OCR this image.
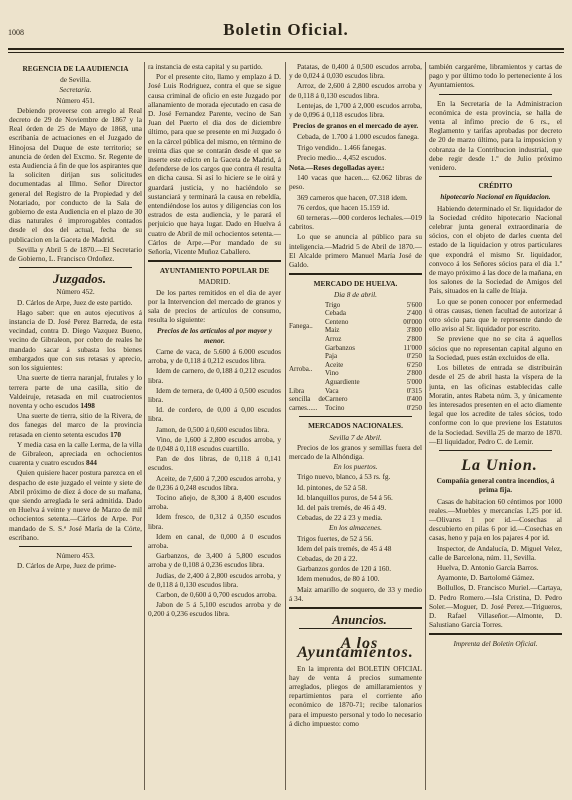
1008	Boletin Oficial.

REGENCIA DE LA AUDIENCIA

de Sevilla.

Secretaría.

Número 451.

Debiendo proveerse con arreglo al Real decreto de 29 de Noviembre de 1867 y la Real órden de 25 de Mayo de 1868, una escribanía de actuaciones en el Juzgado de Hinojosa del Duque de este territorio; se anuncia de órden del Excmo. Sr. Regente de esta Audiencia á fin de que los aspirantes que la soliciten dirijan sus solicitudes documentadas al Illmo. Señor Director general del Registro de la Propiedad y del Notariado, por conducto de la Sala de gobierno de esta Audiencia en el plazo de 30 dias naturales é improrogables contados desde el dos del actual, fecha de su publicacion en la Gaceta de Madrid.

Sevilla y Abril 5 de 1870.—El Secretario de Gobierno, L. Francisco Ordoñez.

Juzgados.

Número 452.

D. Cárlos de Arpe, Juez de este partido.

Hago saber: que en autos ejecutivos á instancia de D. José Perez Barreda, de esta vecindad, contra D. Diego Vazquez Bueno, vecino de Gibraleon, por cobro de reales he mandado sacar á subasta los bienes embargados que con sus retasas y aprecio, son los siguientes:

Una suerte de tierra naranjal, frutales y lo terrera parte de una casilla, sitio de Valdeiruje, retasada en mil cuatrocientos noventa y ocho escudos 1498

Una suerte de tierra, sitio de la Rivera, de dos fanegas del marco de la provincia retasada en ciento setenta escudos 170

Y media casa en la calle Lerma, de la villa de Gibraleon, apreciada en ochocientos cuarenta y cuatro escudos 844

Quien quisiere hacer postura parezca en el despacho de este juzgado el veinte y siete de Abril próximo de diez á doce de su mañana, que siendo arreglada le será admitida. Dado en Huelva á veinte y nueve de Marzo de mil ochocientos setenta.—Cárlos de Arpe. Por mandado de S. S.ª José María de la Córte, escribano.

Número 453.

D. Cárlos de Arpe, Juez de prime-

ra instancia de esta capital y su partido.

Por el presente cito, llamo y emplazo á D. José Luis Rodriguez, contra el que se sigue causa criminal de oficio en este Juzgado por allanamiento de morada ejecutado en casa de D. José Fernandez Parente, vecino de San Juan del Puerto el dia dos de diciembre último, para que se presente en mi Juzgado ó en la cárcel pública del mismo, en término de treinta dias que se contarán desde el que se inserte este edicto en la Gaceta de Madrid, á defenderse de los cargos que contra él resulta en dicha causa. Si así lo hiciere se le oirá y guardará justicia, y no haciéndolo se sustanciará y terminará la causa en rebeldía, entendiéndose los autos y diligencias con los estrados de esta audiencia, y le parará el perjuicio que haya lugar. Dado en Huelva á cuatro de Abril de mil ochocientos setenta.—Cárlos de Arpe.—Por mandado de su Señoría, Vicente Muñoz Caballero.

AYUNTAMIENTO POPULAR DE

MADRID.

De los partes remitidos en el dia de ayer por la Intervencion del mercado de granos y sala de precios de artículos de consumo, resulta lo siguiente:

Precios de los artículos al por mayor y menor.

Carne de vaca, de 5.600 á 6.000 escudos arroba, y de 0,118 á 0,212 escudos libra.

Idem de carnero, de 0,188 á 0,212 escudos libra.

Idem de ternera, de 0,400 á 0,500 escudos libra.

Id. de cordero, de 0,00 á 0,00 escudos libra.

Jamon, de 0,500 á 0,600 escudos libra.

Vino, de 1,600 á 2,800 escudos arroba, y de 0,048 á 0,118 escudos cuartillo.

Pan de dos libras, de 0,118 á 0,141 escudos.

Aceite, de 7,600 á 7,200 escudos arroba, y de 0,236 á 0,248 escudos libra.

Tocino añejo, de 8,300 á 8,400 escudos arroba.

Idem fresco, de 0,312 á 0,350 escudos libra.

Idem en canal, de 0,000 á 0 escudos arroba.

Garbanzos, de 3,400 á 5,800 escudos arroba y de 0,108 á 0,236 escudos libra.

Judías, de 2,400 á 2,800 escudos arroba, y de 0,118 á 0,130 escudos libra.

Carbon, de 0,600 á 0,700 escudos arroba.

Jabon de 5 á 5,100 escudos arroba y de 0,200 á 0,236 escudos libra.

Patatas, de 0,400 á 0,500 escudos arroba, y de 0,024 á 0,030 escudos libra.

Arroz, de 2,600 á 2,800 escudos arroba y de 0,118 á 0,130 escudos libra.

Lentejas, de 1,700 á 2,000 escudos arroba, y de 0,096 á 0,118 escudos libra.

Precios de granos en el mercado de ayer.

Cebada, de 1.700 á 1.000 escudos fanega.

Trigo vendido.. 1.466 fanegas.

Precio medio... 4,452 escudos.

Nota.—Reses degolladas ayer.:

140 vacas que hacen.... 62.062 libras de peso.

369 carneros que hacen, 07.318 idem.

76 cerdos, que hacen 15.159 id.

60 terneras.—000 corderos lechales.—019 cabritos.

Lo que se anuncia al público para su inteligencia.—Madrid 5 de Abril de 1870.—El Alcalde primero Manuel María José de Galdo.

MERCADO DE HUELVA.

Dia 8 de abril.

Fanega..	Trigo	5'600
	Cebada	2'400
	Centeno	00'000
	Maiz	3'800
	Arroz	2'800
	Garbanzos	11'000
Arroba..	Paja	0'250
	Aceite	6'250
	Vino	2'800
	Aguardiente	5'000
Libra sencilla de carnes......	Vaca	0'315
	Carnero	0'400
	Tocino	0'250

MERCADOS NACIONALES.

Sevilla 7 de Abril.

Precios de los granos y semillas fuera del mercado de la Alhóndiga.

En los puertos.

Trigo nuevo, blanco, á 53 rs. fg.

Id. pintones, de 52 á 58.

Id. blanquillos puros, de 54 á 56.

Id. del país tremés, de 46 á 49.

Cebadas, de 22 á 23 y media.

En los almacenes.

Trigos fuertes, de 52 á 56.

Idem del país tremés, de 45 á 48

Cebadas, de 20 á 22.

Garbanzos gordos de 120 á 160.

Idem menudos, de 80 á 100.

Maiz amarillo de soquero, de 33 y medio á 34.

Anuncios.

A los Ayuntamientos.

En la imprenta del BOLETIN OFICIAL hay de venta á precios sumamente arreglados, pliegos de amillaramientos y repartimientos para el corriente año económico de 1870-71; recibe talonarios para el impuesto personal y todo lo necesario á dicho impuesto: como

también cargaréme, libramientos y cartas de pago y por último todo lo perteneciente á los Ayuntamientos.

En la Secretaría de la Administracion económica de esta provincia, se halla de venta al ínfimo precio de 6 rs., el Reglamento y tarifas aprobadas por decreto de 20 de marzo último, para la imposicion y cobranza de la Contribucion industrial, que debe regir desde 1.º de Julio próximo venidero.

CRÉDITO

hipotecario Nacional en liquidacion.

Habiendo determinado el Sr. liquidador de la Sociedad crédito hipotecario Nacional celebrar junta general extraordinaria de sócios, con el objeto de darles cuenta del estado de la liquidacion y otros particulares que expondrá el mismo Sr. liquidador, convoco á los Señores sócios para el dia 1.º de mayo próximo á las doce de la mañana, en los salones de la Sociedad de Amigos del País, situados en la calle de Itiaja.

Lo que se ponen conocer por enfermedad ú otras causas, tienen facultad de autorizar á otro sócio para que le represente dando de ello aviso al Sr. liquidador por escrito.

Se previene que no se cita á aquellos sócios que no representan capital alguno en la Sociedad, pues están excluidos de ella.

Los billetes de entrada se distribuirán desde el 25 de abril hasta la víspera de la junta, en las oficinas establecidas calle Moratin, antes Rabeta núm. 3, y únicamente les interesados presenten en el acto diamente legal que los acredite de tales sócios, todo conforme con lo que previene los Estatutos de la Sociedad. Sevilla 25 de marzo de 1870.—El liquidador, Pedro C. de Lemir.

La Union.

Compañía general contra incendios, á prima fija.

Casas de habitacion 60 céntimos por 1000 reales.—Muebles y mercancías 1,25 por id.—Olivares 1 por id.—Cosechas al descubierto en pilas 6 por id.—Cosechas en casas, heno y paja en los pajares 4 por id.

Inspector, de Andalucía, D. Miguel Velez, calle de Barcelona, núm. 11, Sevilla.

Huelva, D. Antonio García Barros.

Ayamonte, D. Bartolomé Gámez.

Bollullos, D. Francisco Muriel.—Cartaya, D. Pedro Romero.—Isla Cristina, D. Pedro Soler.—Moguer, D. José Perez.—Trigueros, D. Rafael Villaseñor.—Almonte, D. Salustiano Garcia Torres.

Imprenta del Boletin Oficial.
